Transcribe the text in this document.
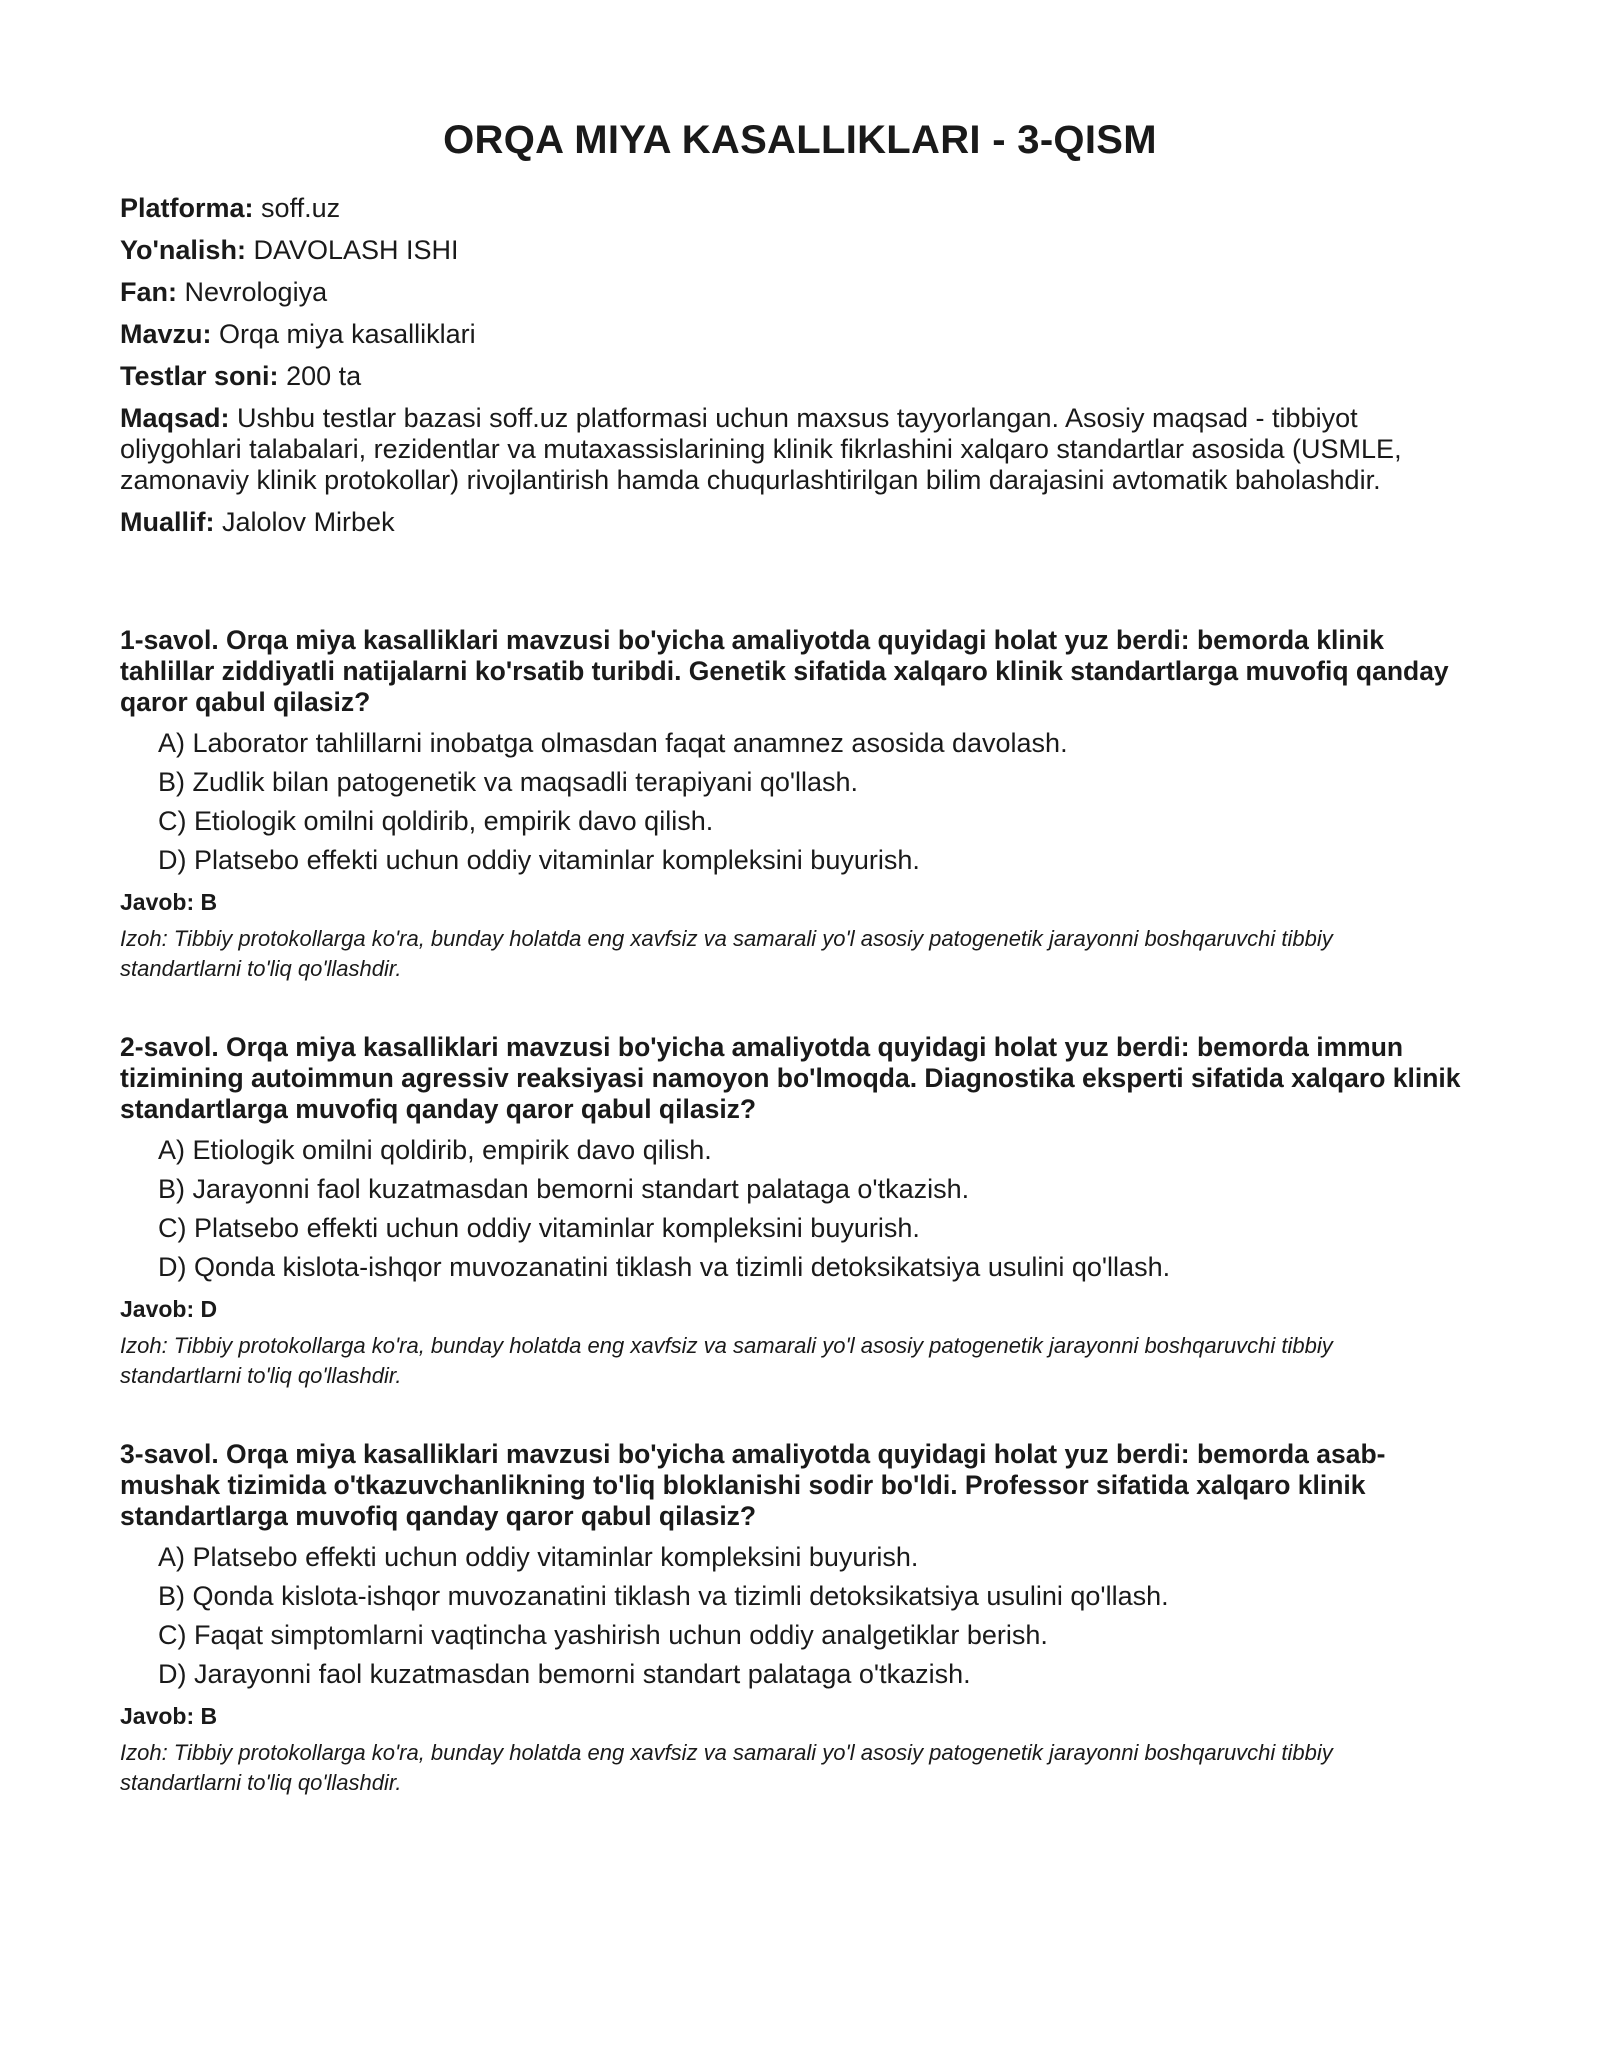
ORQA MIYA KASALLIKLARI - 3-QISM

Platforma: soff.uz

Yo'nalish: DAVOLASH ISHI

Fan: Nevrologiya

Mavzu: Orqa miya kasalliklari

Testlar soni: 200 ta

Maqsad: Ushbu testlar bazasi soff.uz platformasi uchun maxsus tayyorlangan. Asosiy maqsad - tibbiyot oliygohlari talabalari, rezidentlar va mutaxassislarining klinik fikrlashini xalqaro standartlar asosida (USMLE, zamonaviy klinik protokollar) rivojlantirish hamda chuqurlashtirilgan bilim darajasini avtomatik baholashdir.

Muallif: Jalolov Mirbek

1-savol. Orqa miya kasalliklari mavzusi bo'yicha amaliyotda quyidagi holat yuz berdi: bemorda klinik tahlillar ziddiyatli natijalarni ko'rsatib turibdi. Genetik sifatida xalqaro klinik standartlarga muvofiq qanday qaror qabul qilasiz?

A) Laborator tahlillarni inobatga olmasdan faqat anamnez asosida davolash.
B) Zudlik bilan patogenetik va maqsadli terapiyani qo'llash.
C) Etiologik omilni qoldirib, empirik davo qilish.
D) Platsebo effekti uchun oddiy vitaminlar kompleksini buyurish.

Javob: B

Izoh: Tibbiy protokollarga ko'ra, bunday holatda eng xavfsiz va samarali yo'l asosiy patogenetik jarayonni boshqaruvchi tibbiy standartlarni to'liq qo'llashdir.

2-savol. Orqa miya kasalliklari mavzusi bo'yicha amaliyotda quyidagi holat yuz berdi: bemorda immun tizimining autoimmun agressiv reaksiyasi namoyon bo'lmoqda. Diagnostika eksperti sifatida xalqaro klinik standartlarga muvofiq qanday qaror qabul qilasiz?

A) Etiologik omilni qoldirib, empirik davo qilish.
B) Jarayonni faol kuzatmasdan bemorni standart palataga o'tkazish.
C) Platsebo effekti uchun oddiy vitaminlar kompleksini buyurish.
D) Qonda kislota-ishqor muvozanatini tiklash va tizimli detoksikatsiya usulini qo'llash.

Javob: D

Izoh: Tibbiy protokollarga ko'ra, bunday holatda eng xavfsiz va samarali yo'l asosiy patogenetik jarayonni boshqaruvchi tibbiy standartlarni to'liq qo'llashdir.

3-savol. Orqa miya kasalliklari mavzusi bo'yicha amaliyotda quyidagi holat yuz berdi: bemorda asab-mushak tizimida o'tkazuvchanlikning to'liq bloklanishi sodir bo'ldi. Professor sifatida xalqaro klinik standartlarga muvofiq qanday qaror qabul qilasiz?

A) Platsebo effekti uchun oddiy vitaminlar kompleksini buyurish.
B) Qonda kislota-ishqor muvozanatini tiklash va tizimli detoksikatsiya usulini qo'llash.
C) Faqat simptomlarni vaqtincha yashirish uchun oddiy analgetiklar berish.
D) Jarayonni faol kuzatmasdan bemorni standart palataga o'tkazish.

Javob: B

Izoh: Tibbiy protokollarga ko'ra, bunday holatda eng xavfsiz va samarali yo'l asosiy patogenetik jarayonni boshqaruvchi tibbiy standartlarni to'liq qo'llashdir.
